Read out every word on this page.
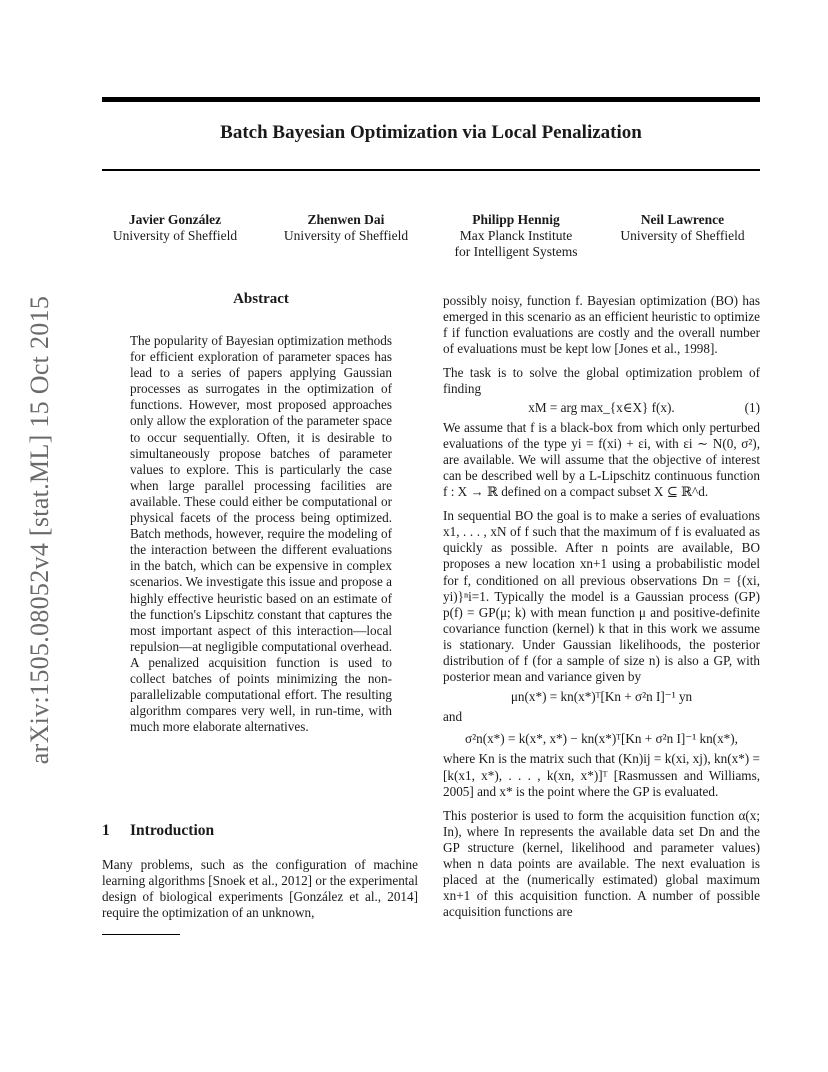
Batch Bayesian Optimization via Local Penalization
Javier González
University of Sheffield
Zhenwen Dai
University of Sheffield
Philipp Hennig
Max Planck Institute
for Intelligent Systems
Neil Lawrence
University of Sheffield
arXiv:1505.08052v4 [stat.ML] 15 Oct 2015	Abstract
The popularity of Bayesian optimization methods for efficient exploration of parameter spaces has lead to a series of papers applying Gaussian processes as surrogates in the optimization of functions. However, most proposed approaches only allow the exploration of the parameter space to occur sequentially. Often, it is desirable to simultaneously propose batches of parameter values to explore. This is particularly the case when large parallel processing facilities are available. These could either be computational or physical facets of the process being optimized. Batch methods, however, require the modeling of the interaction between the different evaluations in the batch, which can be expensive in complex scenarios. We investigate this issue and propose a highly effective heuristic based on an estimate of the function's Lipschitz constant that captures the most important aspect of this interaction—local repulsion—at negligible computational overhead. A penalized acquisition function is used to collect batches of points minimizing the non-parallelizable computational effort. The resulting algorithm compares very well, in run-time, with much more elaborate alternatives.
1 Introduction
Many problems, such as the configuration of machine learning algorithms [Snoek et al., 2012] or the experimental design of biological experiments [González et al., 2014] require the optimization of an unknown,

possibly noisy, function f. Bayesian optimization (BO) has emerged in this scenario as an efficient heuristic to optimize f if function evaluations are costly and the overall number of evaluations must be kept low [Jones et al., 1998].

The task is to solve the global optimization problem of finding

xM = arg max_{x∈X} f(x).	(1)

We assume that f is a black-box from which only perturbed evaluations of the type yi = f(xi) + εi, with εi ∼ N(0, σ²), are available. We will assume that the objective of interest can be described well by a L-Lipschitz continuous function f : X → ℝ defined on a compact subset X ⊆ ℝ^d.

In sequential BO the goal is to make a series of evaluations x1, . . . , xN of f such that the maximum of f is evaluated as quickly as possible. After n points are available, BO proposes a new location xn+1 using a probabilistic model for f, conditioned on all previous observations Dn = {(xi, yi)}ⁿi=1. Typically the model is a Gaussian process (GP) p(f) = GP(μ; k) with mean function μ and positive-definite covariance function (kernel) k that in this work we assume is stationary. Under Gaussian likelihoods, the posterior distribution of f (for a sample of size n) is also a GP, with posterior mean and variance given by

μn(x*) = kn(x*)ᵀ[Kn + σ²n I]⁻¹ yn
and
σ²n(x*) = k(x*, x*) − kn(x*)ᵀ[Kn + σ²n I]⁻¹ kn(x*),

where Kn is the matrix such that (Kn)ij = k(xi, xj), kn(x*) = [k(x1, x*), . . . , k(xn, x*)]ᵀ [Rasmussen and Williams, 2005] and x* is the point where the GP is evaluated.

This posterior is used to form the acquisition function α(x; In), where In represents the available data set Dn and the GP structure (kernel, likelihood and parameter values) when n data points are available. The next evaluation is placed at the (numerically estimated) global maximum xn+1 of this acquisition function. A number of possible acquisition functions are
